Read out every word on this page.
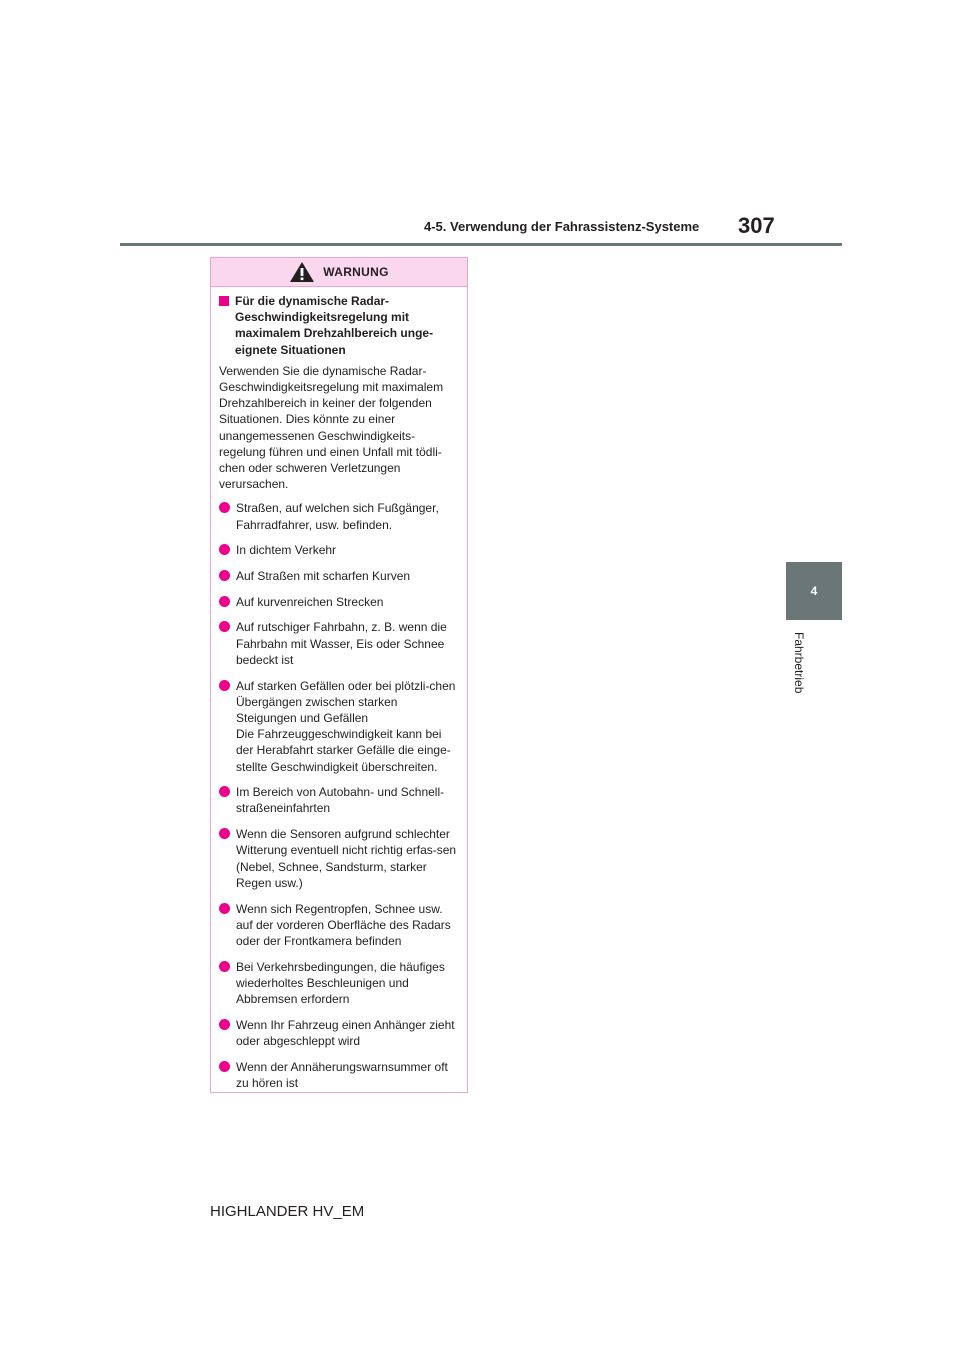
4-5. Verwendung der Fahrassistenz-Systeme 307
4
Fahrbetrieb
WARNUNG
Für die dynamische Radar-Geschwindigkeitsregelung mit maximalem Drehzahlbereich unge-eignete Situationen

Verwenden Sie die dynamische Radar-Geschwindigkeitsregelung mit maximalem Drehzahlbereich in keiner der folgenden Situationen. Dies könnte zu einer unangemessenen Geschwindigkeits-regelung führen und einen Unfall mit tödli-chen oder schweren Verletzungen verursachen.

Straßen, auf welchen sich Fußgänger, Fahrradfahrer, usw. befinden.
In dichtem Verkehr
Auf Straßen mit scharfen Kurven
Auf kurvenreichen Strecken
Auf rutschiger Fahrbahn, z. B. wenn die Fahrbahn mit Wasser, Eis oder Schnee bedeckt ist
Auf starken Gefällen oder bei plötzli-chen Übergängen zwischen starken Steigungen und Gefällen
Die Fahrzeuggeschwindigkeit kann bei der Herabfahrt starker Gefälle die einge-stellte Geschwindigkeit überschreiten.
Im Bereich von Autobahn- und Schnell-straßeneinfahrten
Wenn die Sensoren aufgrund schlechter Witterung eventuell nicht richtig erfas-sen (Nebel, Schnee, Sandsturm, starker Regen usw.)
Wenn sich Regentropfen, Schnee usw. auf der vorderen Oberfläche des Radars oder der Frontkamera befinden
Bei Verkehrsbedingungen, die häufiges wiederholtes Beschleunigen und Abbremsen erfordern
Wenn Ihr Fahrzeug einen Anhänger zieht oder abgeschleppt wird
Wenn der Annäherungswarnsummer oft zu hören ist
HIGHLANDER HV_EM
